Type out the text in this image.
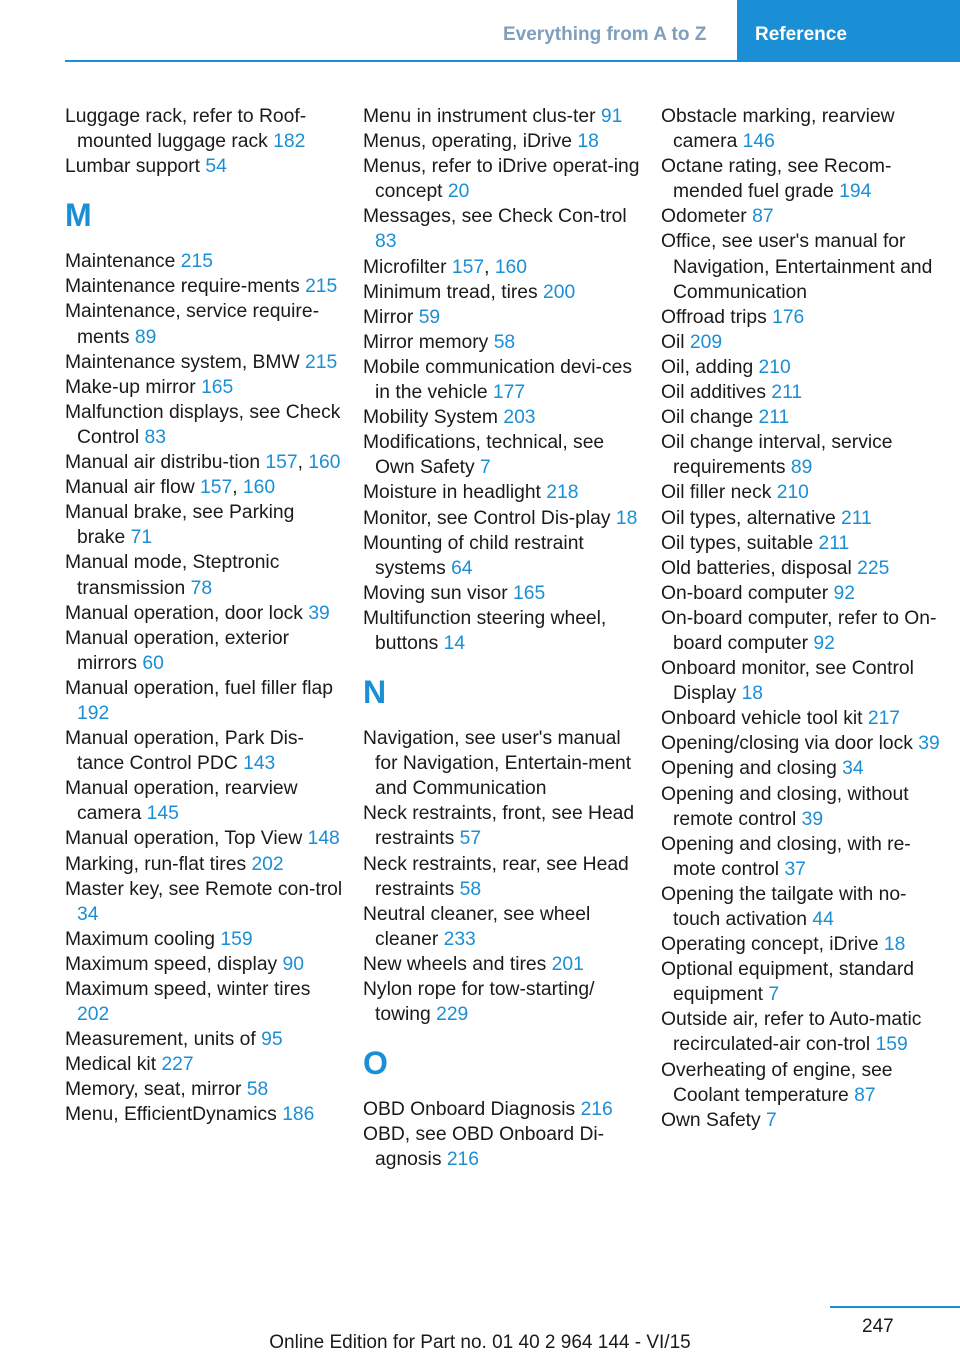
Everything from A to Z	Reference
Luggage rack, refer to Roof-mounted luggage rack 182
Lumbar support 54
M
Maintenance 215
Maintenance require-ments 215
Maintenance, service require-ments 89
Maintenance system, BMW 215
Make-up mirror 165
Malfunction displays, see Check Control 83
Manual air distribu-tion 157, 160
Manual air flow 157, 160
Manual brake, see Parking brake 71
Manual mode, Steptronic transmission 78
Manual operation, door lock 39
Manual operation, exterior mirrors 60
Manual operation, fuel filler flap 192
Manual operation, Park Dis-tance Control PDC 143
Manual operation, rearview camera 145
Manual operation, Top View 148
Marking, run-flat tires 202
Master key, see Remote con-trol 34
Maximum cooling 159
Maximum speed, display 90
Maximum speed, winter tires 202
Measurement, units of 95
Medical kit 227
Memory, seat, mirror 58
Menu, EfficientDynamics 186
Menu in instrument clus-ter 91
Menus, operating, iDrive 18
Menus, refer to iDrive operat-ing concept 20
Messages, see Check Con-trol 83
Microfilter 157, 160
Minimum tread, tires 200
Mirror 59
Mirror memory 58
Mobile communication devi-ces in the vehicle 177
Mobility System 203
Modifications, technical, see Own Safety 7
Moisture in headlight 218
Monitor, see Control Dis-play 18
Mounting of child restraint systems 64
Moving sun visor 165
Multifunction steering wheel, buttons 14
N
Navigation, see user's manual for Navigation, Entertain-ment and Communication
Neck restraints, front, see Head restraints 57
Neck restraints, rear, see Head restraints 58
Neutral cleaner, see wheel cleaner 233
New wheels and tires 201
Nylon rope for tow-starting/ towing 229
O
OBD Onboard Diagnosis 216
OBD, see OBD Onboard Di-agnosis 216
Obstacle marking, rearview camera 146
Octane rating, see Recom-mended fuel grade 194
Odometer 87
Office, see user's manual for Navigation, Entertainment and Communication
Offroad trips 176
Oil 209
Oil, adding 210
Oil additives 211
Oil change 211
Oil change interval, service requirements 89
Oil filler neck 210
Oil types, alternative 211
Oil types, suitable 211
Old batteries, disposal 225
On-board computer 92
On-board computer, refer to On-board computer 92
Onboard monitor, see Control Display 18
Onboard vehicle tool kit 217
Opening/closing via door lock 39
Opening and closing 34
Opening and closing, without remote control 39
Opening and closing, with re-mote control 37
Opening the tailgate with no-touch activation 44
Operating concept, iDrive 18
Optional equipment, standard equipment 7
Outside air, refer to Auto-matic recirculated-air con-trol 159
Overheating of engine, see Coolant temperature 87
Own Safety 7
247
Online Edition for Part no. 01 40 2 964 144 - VI/15
